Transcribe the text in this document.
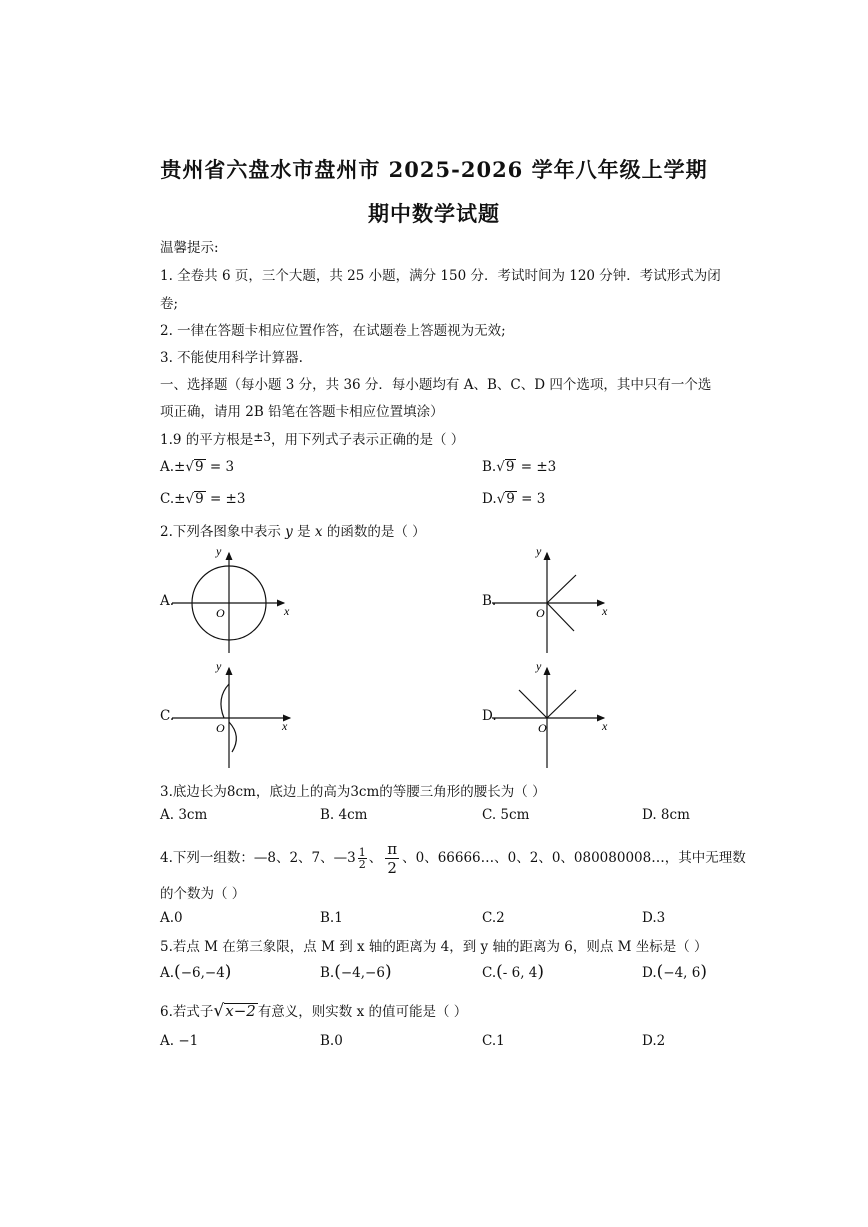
贵州省六盘水市盘州市 2025-2026 学年八年级上学期
期中数学试题
温馨提示:
1. 全卷共 6 页，三个大题，共 25 小题，满分 150 分．考试时间为 120 分钟．考试形式为闭
卷;
2. 一律在答题卡相应位置作答，在试题卷上答题视为无效;
3. 不能使用科学计算器.
一、选择题（每小题 3 分，共 36 分．每小题均有 A、B、C、D 四个选项，其中只有一个选
项正确，请用 2B 铅笔在答题卡相应位置填涂）
1.9 的平方根是±3，用下列式子表示正确的是（ ）
A.±√9 = 3	B.√9 = ±3
C.±√9 = ±3	D.√9 = 3
2.下列各图象中表示 y 是 x 的函数的是（ ）
A.
y
x
O
B.
y
x
O
C.
y
x
O
D.
y
x
O
3.底边长为8cm，底边上的高为3cm的等腰三角形的腰长为（ ）
A. 3cm	B. 4cm	C. 5cm	D. 8cm
4.下列一组数：—8、2、7、—3 $\frac{1}{2}$ 、 $\frac{\pi}{2}$ 、0、66666…、0、2、0、080080008…，其中无理数
的个数为（ ）
A.0	B.1	C.2	D.3
5.若点 M 在第三象限，点 M 到 x 轴的距离为 4，到 y 轴的距离为 6，则点 M 坐标是（ ）
A.(−6,−4)	B.(−4,−6)	C.(- 6, 4)	D.(−4, 6)
6.若式子√x−2 有意义，则实数 x 的值可能是（ ）
A. −1	B.0	C.1	D.2
